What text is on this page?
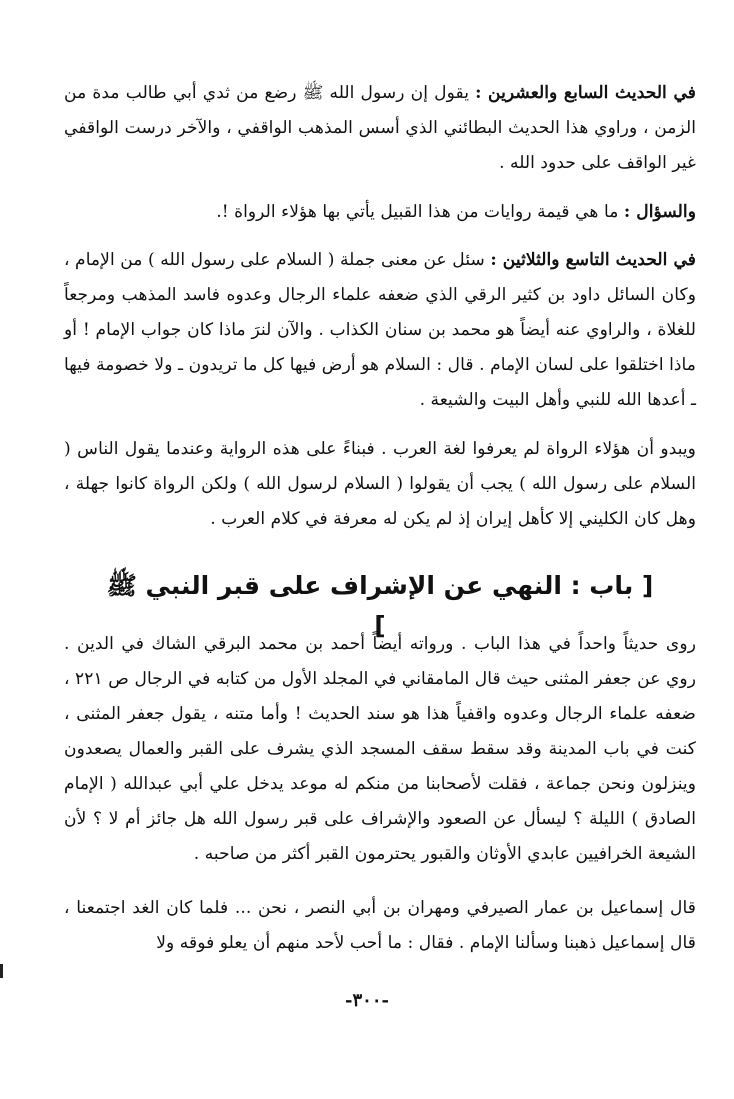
في الحديث السابع والعشرين : يقول إن رسول الله ﷺ رضع من ثدي أبي طالب مدة من الزمن ، وراوي هذا الحديث البطائني الذي أسس المذهب الواقفي ، والآخر درست الواقفي غير الواقف على حدود الله .

والسؤال : ما هي قيمة روايات من هذا القبيل يأتي بها هؤلاء الرواة !.

في الحديث التاسع والثلاثين : سئل عن معنى جملة ( السلام على رسول الله ) من الإمام ، وكان السائل داود بن كثير الرقي الذي ضعفه علماء الرجال وعدوه فاسد المذهب ومرجعاً للغلاة ، والراوي عنه أيضاً هو محمد بن سنان الكذاب . والآن لنرَ ماذا كان جواب الإمام ! أو ماذا اختلقوا على لسان الإمام . قال : السلام هو أرض فيها كل ما تريدون ـ ولا خصومة فيها ـ أعدها الله للنبي وأهل البيت والشيعة .

ويبدو أن هؤلاء الرواة لم يعرفوا لغة العرب . فبناءً على هذه الرواية وعندما يقول الناس ( السلام على رسول الله ) يجب أن يقولوا ( السلام لرسول الله ) ولكن الرواة كانوا جهلة ، وهل كان الكليني إلا كأهل إيران إذ لم يكن له معرفة في كلام العرب .

[ باب : النهي عن الإشراف على قبر النبي ﷺ ]

روى حديثاً واحداً في هذا الباب . ورواته أيضاً أحمد بن محمد البرقي الشاك في الدين . روي عن جعفر المثنى حيث قال المامقاني في المجلد الأول من كتابه في الرجال ص ٢٢١ ، ضعفه علماء الرجال وعدوه واقفياً هذا هو سند الحديث ! وأما متنه ، يقول جعفر المثنى ، كنت في باب المدينة وقد سقط سقف المسجد الذي يشرف على القبر والعمال يصعدون وينزلون ونحن جماعة ، فقلت لأصحابنا من منكم له موعد يدخل علي أبي عبدالله ( الإمام الصادق ) الليلة ؟ ليسأل عن الصعود والإشراف على قبر رسول الله هل جائز أم لا ؟ لأن الشيعة الخرافيين عابدي الأوثان والقبور يحترمون القبر أكثر من صاحبه .

قال إسماعيل بن عمار الصيرفي ومهران بن أبي النصر ، نحن ... فلما كان الغد اجتمعنا ، قال إسماعيل ذهبنا وسألنا الإمام . فقال : ما أحب لأحد منهم أن يعلو فوقه ولا

-٣٠٠-
